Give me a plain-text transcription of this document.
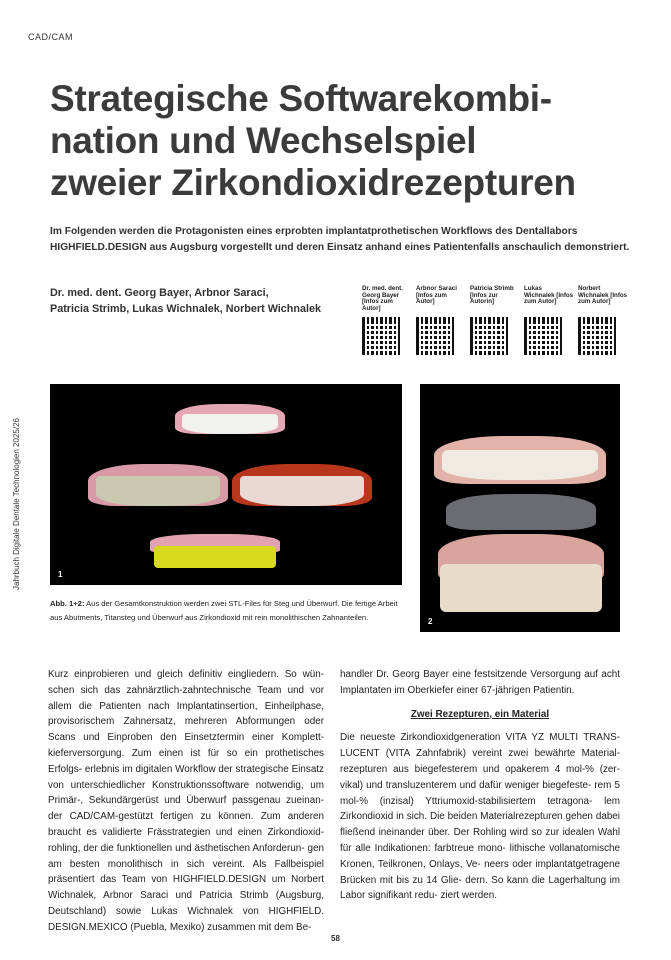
CAD/CAM
Strategische Softwarekombi-
nation und Wechselspiel
zweier Zirkondioxidrezepturen
Im Folgenden werden die Protagonisten eines erprobten implantatprothetischen Workflows des Dentallabors
HIGHFIELD.DESIGN aus Augsburg vorgestellt und deren Einsatz anhand eines Patientenfalls anschaulich demonstriert.
Dr. med. dent. Georg Bayer, Arbnor Saraci,
Patricia Strimb, Lukas Wichnalek, Norbert Wichnalek
Dr. med. dent. Georg Bayer [Infos zum Autor]
Arbnor Saraci [Infos zum Autor]
Patricia Strimb [Infos zur Autorin]
Lukas Wichnalek [Infos zum Autor]
Norbert Wichnalek [Infos zum Autor]
Jahrbuch Digitale Dentale Technologien 2025/26	1
2
Abb. 1+2: Aus der Gesamtkonstruktion werden zwei STL-Files für Steg und Überwurf. Die fertige Arbeit aus Abutments, Titansteg und Überwurf aus Zirkondioxid mit rein monolithischen Zahnanteilen.
Kurz einprobieren und gleich definitiv eingliedern. So wün- schen sich das zahnärztlich-zahntechnische Team und vor allem die Patienten nach Implantatinsertion, Einheilphase, provisorischem Zahnersatz, mehreren Abformungen oder Scans und Einproben den Einsetztermin einer Komplett- kieferversorgung. Zum einen ist für so ein prothetisches Erfolgs- erlebnis im digitalen Workflow der strategische Einsatz von unterschiedlicher Konstruktionssoftware notwendig, um Primär-, Sekundärgerüst und Überwurf passgenau zueinan- der CAD/CAM-gestützt fertigen zu können. Zum anderen braucht es validierte Frässtrategien und einen Zirkondioxid- rohling, der die funktionellen und ästhetischen Anforderun- gen am besten monolithisch in sich vereint. Als Fallbeispiel präsentiert das Team von HIGHFIELD.DESIGN um Norbert Wichnalek, Arbnor Saraci und Patricia Strimb (Augsburg, Deutschland) sowie Lukas Wichnalek von HIGHFIELD. DESIGN.MEXICO (Puebla, Mexiko) zusammen mit dem Be-
handler Dr. Georg Bayer eine festsitzende Versorgung auf acht Implantaten im Oberkiefer einer 67-jährigen Patientin.
Zwei Rezepturen, ein Material
Die neueste Zirkondioxidgeneration VITA YZ MULTI TRANS- LUCENT (VITA Zahnfabrik) vereint zwei bewährte Material- rezepturen aus biegefesterem und opakerem 4 mol-% (zer- vikal) und transluzenterem und dafür weniger biegefeste- rem 5 mol-% (inzisal) Yttriumoxid-stabilisiertem tetragona- lem Zirkondioxid in sich. Die beiden Materialrezepturen gehen dabei fließend ineinander über. Der Rohling wird so zur idealen Wahl für alle Indikationen: farbtreue mono- lithische vollanatomische Kronen, Teilkronen, Onlays, Ve- neers oder implantatgetragene Brücken mit bis zu 14 Glie- dern. So kann die Lagerhaltung im Labor signifikant redu- ziert werden.
58
